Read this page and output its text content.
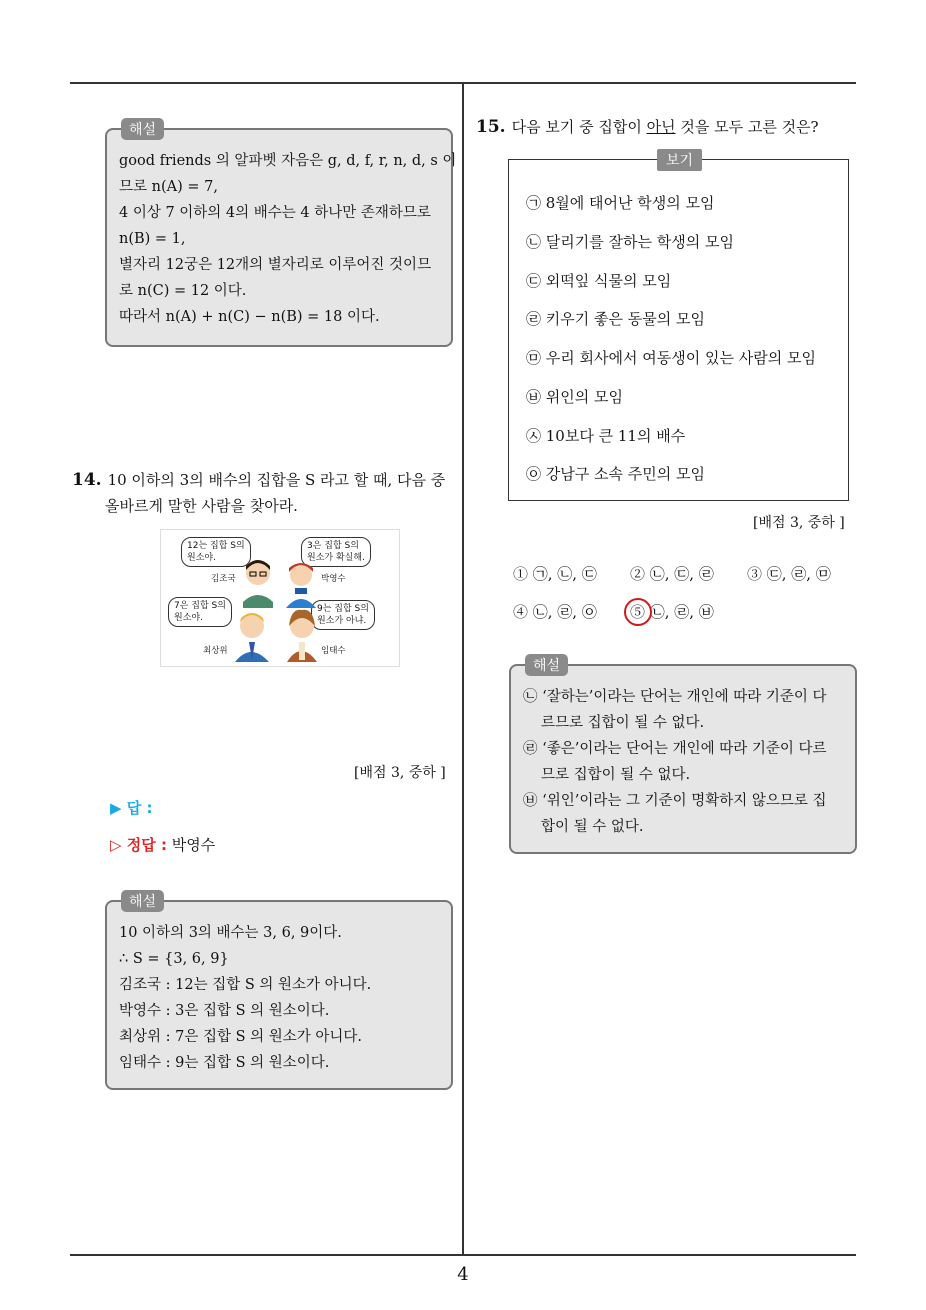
해설
good friends 의 알파벳 자음은 g, d, f, r, n, d, s 이
므로 n(A) = 7,
4 이상 7 이하의 4의 배수는 4 하나만 존재하므로
n(B) = 1,
별자리 12궁은 12개의 별자리로 이루어진 것이므
로 n(C) = 12 이다.
따라서 n(A) + n(C) − n(B) = 18 이다.
14. 10 이하의 3의 배수의 집합을 S 라고 할 때, 다음 중
올바르게 말한 사람을 찾아라.
12는 집합 S의
원소야.
3은 집합 S의
원소가 확실해.
7은 집합 S의
원소야.
9는 집합 S의
원소가 아냐.
김조국	박영수
최상위	임태수
[배점 3, 중하 ]
▶ 답 :
▷ 정답 : 박영수
해설
10 이하의 3의 배수는 3, 6, 9이다.
∴ S = {3, 6, 9}
김조국 : 12는 집합 S 의 원소가 아니다.
박영수 : 3은 집합 S 의 원소이다.
최상위 : 7은 집합 S 의 원소가 아니다.
임태수 : 9는 집합 S 의 원소이다.
15. 다음 보기 중 집합이 아닌 것을 모두 고른 것은?
보기
㉠ 8월에 태어난 학생의 모임
㉡ 달리기를 잘하는 학생의 모임
㉢ 외떡잎 식물의 모임
㉣ 키우기 좋은 동물의 모임
㉤ 우리 회사에서 여동생이 있는 사람의 모임
㉥ 위인의 모임
㉦ 10보다 큰 11의 배수
㉧ 강남구 소속 주민의 모임
[배점 3, 중하 ]
① ㉠, ㉡, ㉢ ② ㉡, ㉢, ㉣ ③ ㉢, ㉣, ㉤
④ ㉡, ㉣, ㉧ ⑤ ㉡, ㉣, ㉥
해설
㉡ ‘잘하는’이라는 단어는 개인에 따라 기준이 다
르므로 집합이 될 수 없다.
㉣ ‘좋은’이라는 단어는 개인에 따라 기준이 다르
므로 집합이 될 수 없다.
㉥ ‘위인’이라는 그 기준이 명확하지 않으므로 집
합이 될 수 없다.
4
